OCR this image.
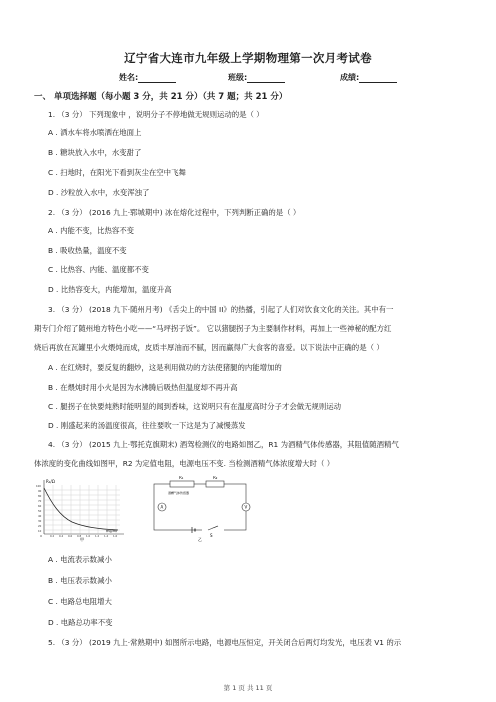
辽宁省大连市九年级上学期物理第一次月考试卷
姓名:	班级:	成绩:
一、 单项选择题（每小题 3 分，共 21 分）（共 7 题；共 21 分）
1. （3 分） 下列现象中 ，说明分子不停地做无规则运动的是（ ）
A . 洒水车将水喷洒在地面上
B . 糖块放入水中，水变甜了
C . 扫地时，在阳光下看到灰尘在空中飞舞
D . 沙粒放入水中，水变浑浊了
2. （3 分） (2016 九上·郓城期中) 冰在熔化过程中，下列判断正确的是（ ）
A . 内能不变，比热容不变
B . 吸收热量，温度不变
C . 比热容、内能、温度都不变
D . 比热容变大，内能增加，温度升高
3. （3 分） (2018 九下·随州月考) 《舌尖上的中国 II》的热播，引起了人们对饮食文化的关注。其中有一
期专门介绍了随州地方特色小吃——“马坪拐子饭”。 它以猪腿拐子为主要制作材料，再加上一些神秘的配方红
烧后再放在瓦罐里小火煨炖而成，皮质丰厚油而不腻，因而赢得广大食客的喜爱。以下说法中正确的是（ ）
A . 在红烧时，要反复的翻炒，这是利用做功的方法使猪腿的内能增加的
B . 在煨炖时用小火是因为水沸腾后吸热但温度却不再升高
C . 腿拐子在快要炖熟时能明显的闻到香味，这说明只有在温度高时分子才会做无规则运动
D . 刚盛起来的汤温度很高，往往要吹一下这是为了减慢蒸发
4. （3 分） (2015 九上·鄂托克旗期末) 酒驾检测仪的电路如图乙，R1 为酒精气体传感器，其阻值随酒精气
体浓度的变化曲线如图甲，R2 为定值电阻，电源电压不变. 当检测酒精气体浓度增大时（ ）
R₁/Ω
mg/ml
甲
100
90
80
70
60
50
40
30
20
10
O	0.2 0.4 0.6 0.8 1.0 1.2 1.4 1.6
R₁
酒精气体传感器
R₂
A	V
S
乙
A . 电流表示数减小
B . 电压表示数减小
C . 电路总电阻增大
D . 电路总功率不变
5. （3 分） (2019 九上·常熟期中) 如图所示电路，电源电压恒定，开关闭合后两灯均发光，电压表 V1 的示
第 1 页 共 11 页
